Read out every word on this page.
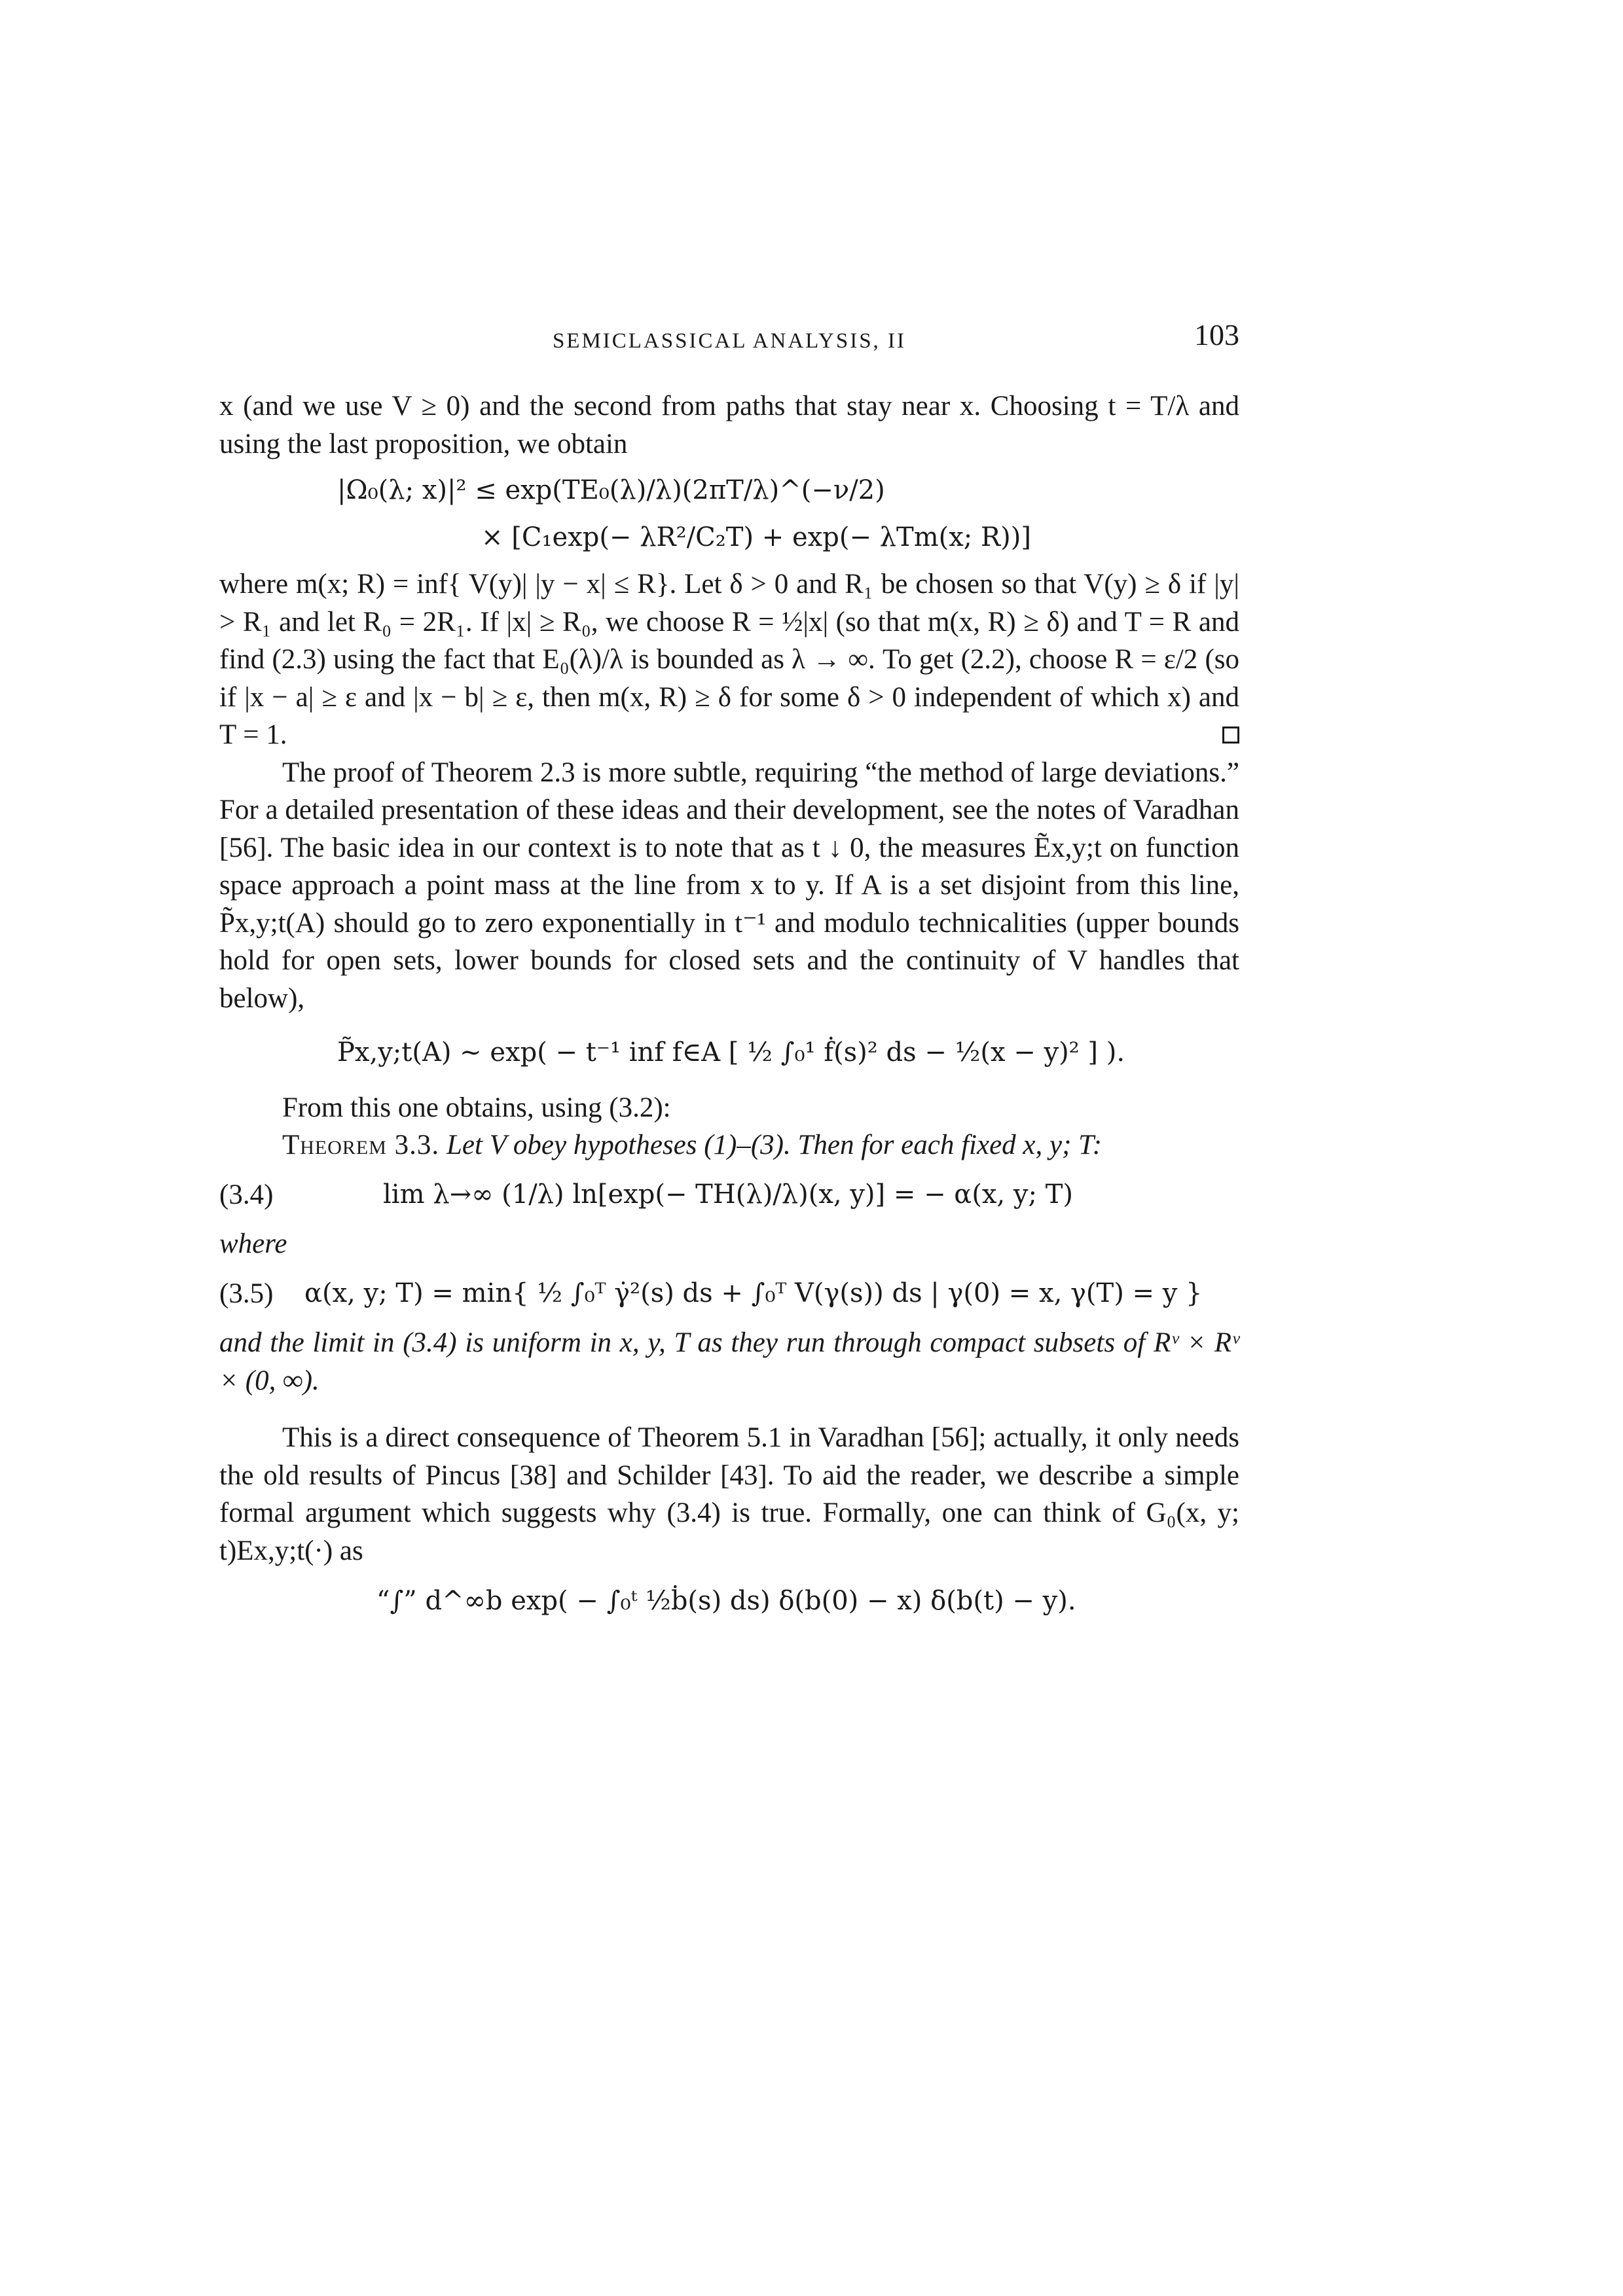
SEMICLASSICAL ANALYSIS, II	103

x (and we use V ≥ 0) and the second from paths that stay near x. Choosing t = T/λ and using the last proposition, we obtain

|Ω₀(λ; x)|² ≤ exp(TE₀(λ)/λ)(2πT/λ)^(−ν/2)
× [C₁exp(− λR²/C₂T) + exp(− λTm(x; R))]

where m(x; R) = inf{ V(y)| |y − x| ≤ R}. Let δ > 0 and R₁ be chosen so that V(y) ≥ δ if |y| > R₁ and let R₀ = 2R₁. If |x| ≥ R₀, we choose R = ½|x| (so that m(x, R) ≥ δ) and T = R and find (2.3) using the fact that E₀(λ)/λ is bounded as λ → ∞. To get (2.2), choose R = ε/2 (so if |x − a| ≥ ε and |x − b| ≥ ε, then m(x, R) ≥ δ for some δ > 0 independent of which x) and T = 1.

The proof of Theorem 2.3 is more subtle, requiring “the method of large deviations.” For a detailed presentation of these ideas and their development, see the notes of Varadhan [56]. The basic idea in our context is to note that as t ↓ 0, the measures Ẽx,y;t on function space approach a point mass at the line from x to y. If A is a set disjoint from this line, P̃x,y;t(A) should go to zero exponentially in t⁻¹ and modulo technicalities (upper bounds hold for open sets, lower bounds for closed sets and the continuity of V handles that below),

P̃x,y;t(A) ~ exp( − t⁻¹ inf f∈A [ ½ ∫₀¹ ḟ(s)² ds − ½(x − y)² ] ).

From this one obtains, using (3.2):

Theorem 3.3. Let V obey hypotheses (1)–(3). Then for each fixed x, y; T:

(3.4)	lim λ→∞ (1/λ) ln[exp(− TH(λ)/λ)(x, y)] = − α(x, y; T)

where

(3.5)	α(x, y; T) = min{ ½ ∫₀ᵀ γ̇²(s) ds + ∫₀ᵀ V(γ(s)) ds | γ(0) = x, γ(T) = y }

and the limit in (3.4) is uniform in x, y, T as they run through compact subsets of Rᵛ × Rᵛ × (0, ∞).

This is a direct consequence of Theorem 5.1 in Varadhan [56]; actually, it only needs the old results of Pincus [38] and Schilder [43]. To aid the reader, we describe a simple formal argument which suggests why (3.4) is true. Formally, one can think of G₀(x, y; t)Ex,y;t(·) as

“∫” d^∞b exp( − ∫₀ᵗ ½ḃ(s) ds) δ(b(0) − x) δ(b(t) − y).
